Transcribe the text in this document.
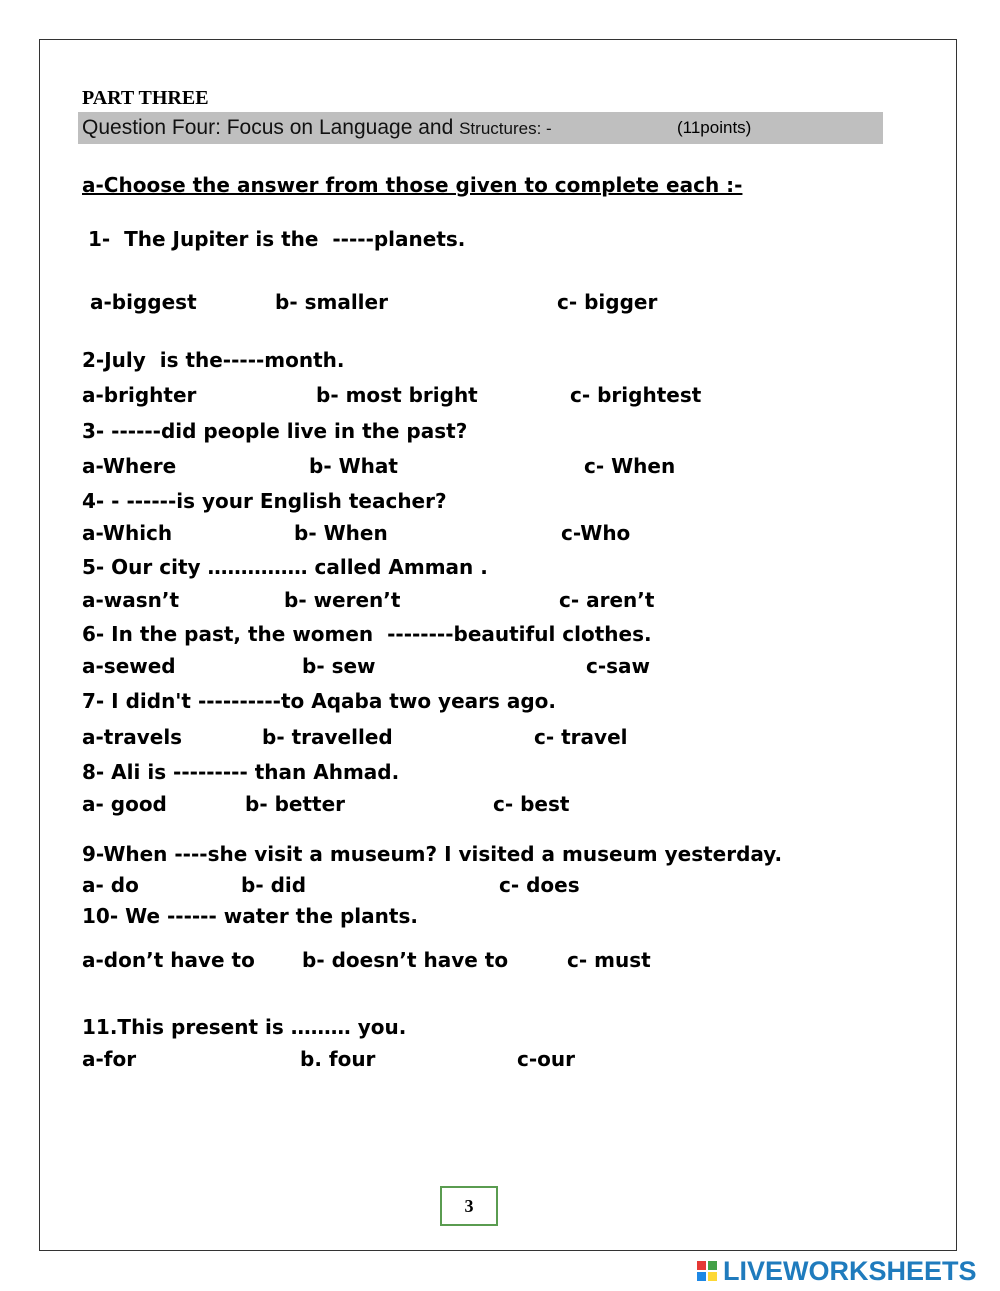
PART THREE
Question Four: Focus on Language and Structures: -	(11points)
a-Choose the answer from those given to complete each :-
1-  The Jupiter is the  -----planets.
a-biggest	b- smaller	c- bigger
2-July  is the-----month.
a-brighter	b- most bright	c- brightest
3- ------did people live in the past?
a-Where	b- What	c- When
4- - ------is your English teacher?
a-Which	b- When	c-Who
5- Our city …………… called Amman .
a-wasn’t	b- weren’t	c- aren’t
6- In the past, the women  --------beautiful clothes.
a-sewed	b- sew	c-saw
7- I didn't ----------to Aqaba two years ago.
a-travels	b- travelled	c- travel
8- Ali is --------- than Ahmad.
a- good	b- better	c- best
9-When ----she visit a museum? I visited a museum yesterday.
a- do	b- did	c- does
10- We ------ water the plants.
a-don’t have to b- doesn’t have to	c- must
11.This present is ……… you.
a-for	b. four	c-our
3
LIVEWORKSHEETS
